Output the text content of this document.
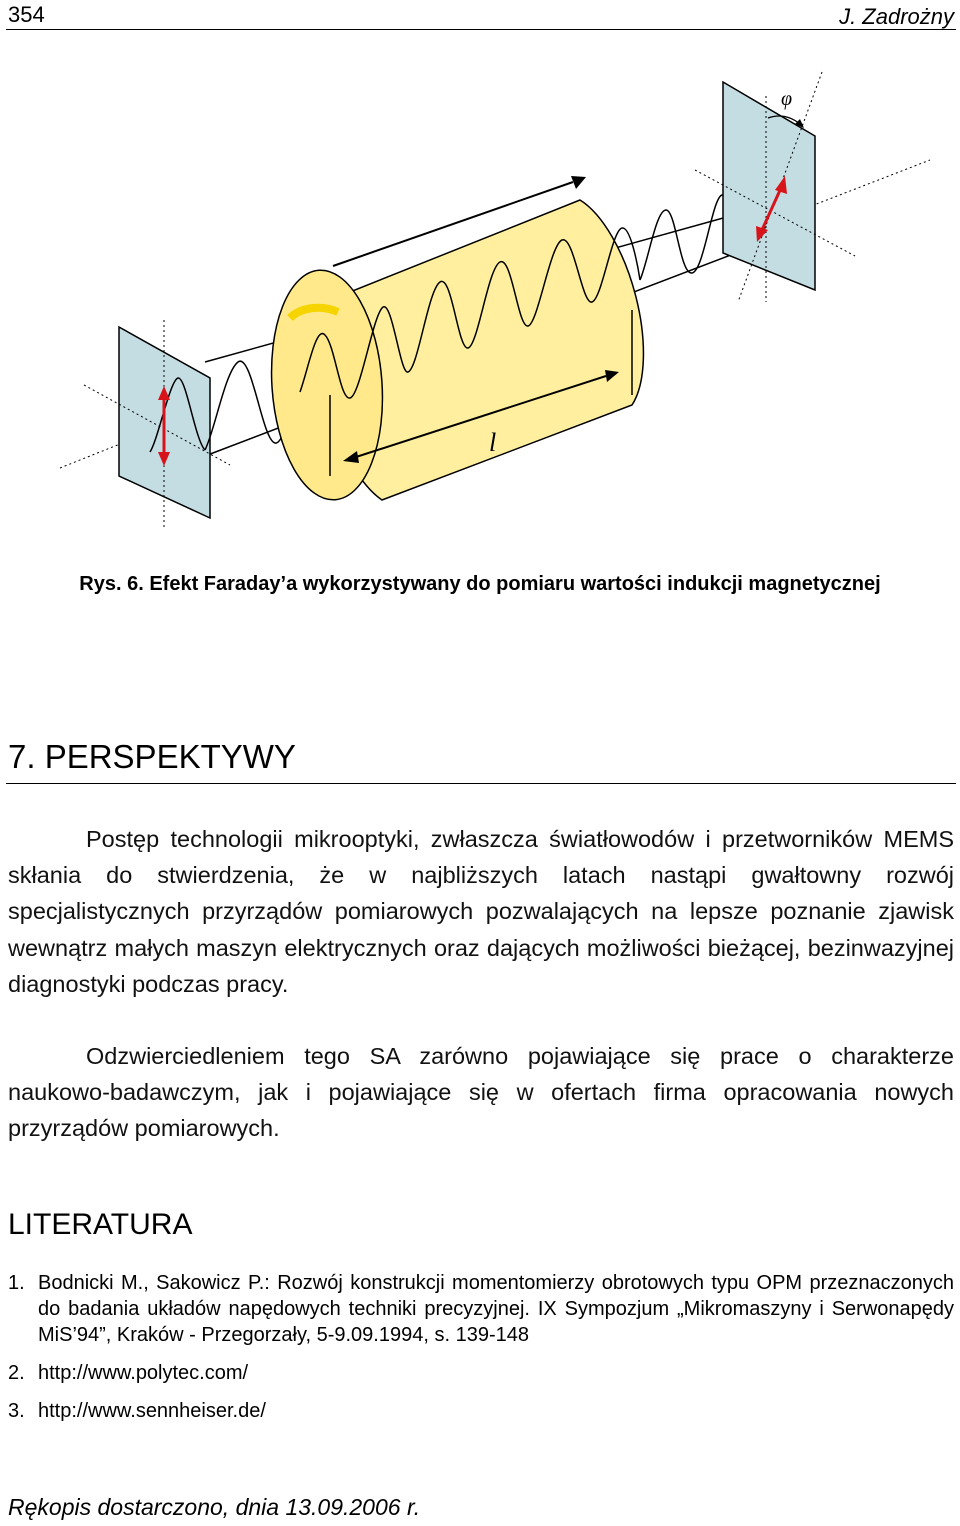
354	J. Zadrożny
φ
l
Rys. 6. Efekt Faraday’a wykorzystywany do pomiaru wartości indukcji magnetycznej
7. PERSPEKTYWY

Postęp technologii mikrooptyki, zwłaszcza światłowodów i przetworników MEMS skłania do stwierdzenia, że w najbliższych latach nastąpi gwałtowny rozwój specjalistycznych przyrządów pomiarowych pozwalających na lepsze poznanie zjawisk wewnątrz małych maszyn elektrycznych oraz dających możliwości bieżącej, bezinwazyjnej diagnostyki podczas pracy.

Odzwierciedleniem tego SA zarówno pojawiające się prace o charakterze naukowo-badawczym, jak i pojawiające się w ofertach firma opracowania nowych przyrządów pomiarowych.

LITERATURA
1. Bodnicki M., Sakowicz P.: Rozwój konstrukcji momentomierzy obrotowych typu OPM przeznaczonych do badania układów napędowych techniki precyzyjnej. IX Sympozjum „Mikromaszyny i Serwonapędy MiS’94”, Kraków - Przegorzały, 5-9.09.1994, s. 139-148
2. http://www.polytec.com/
3. http://www.sennheiser.de/
Rękopis dostarczono, dnia 13.09.2006 r.
